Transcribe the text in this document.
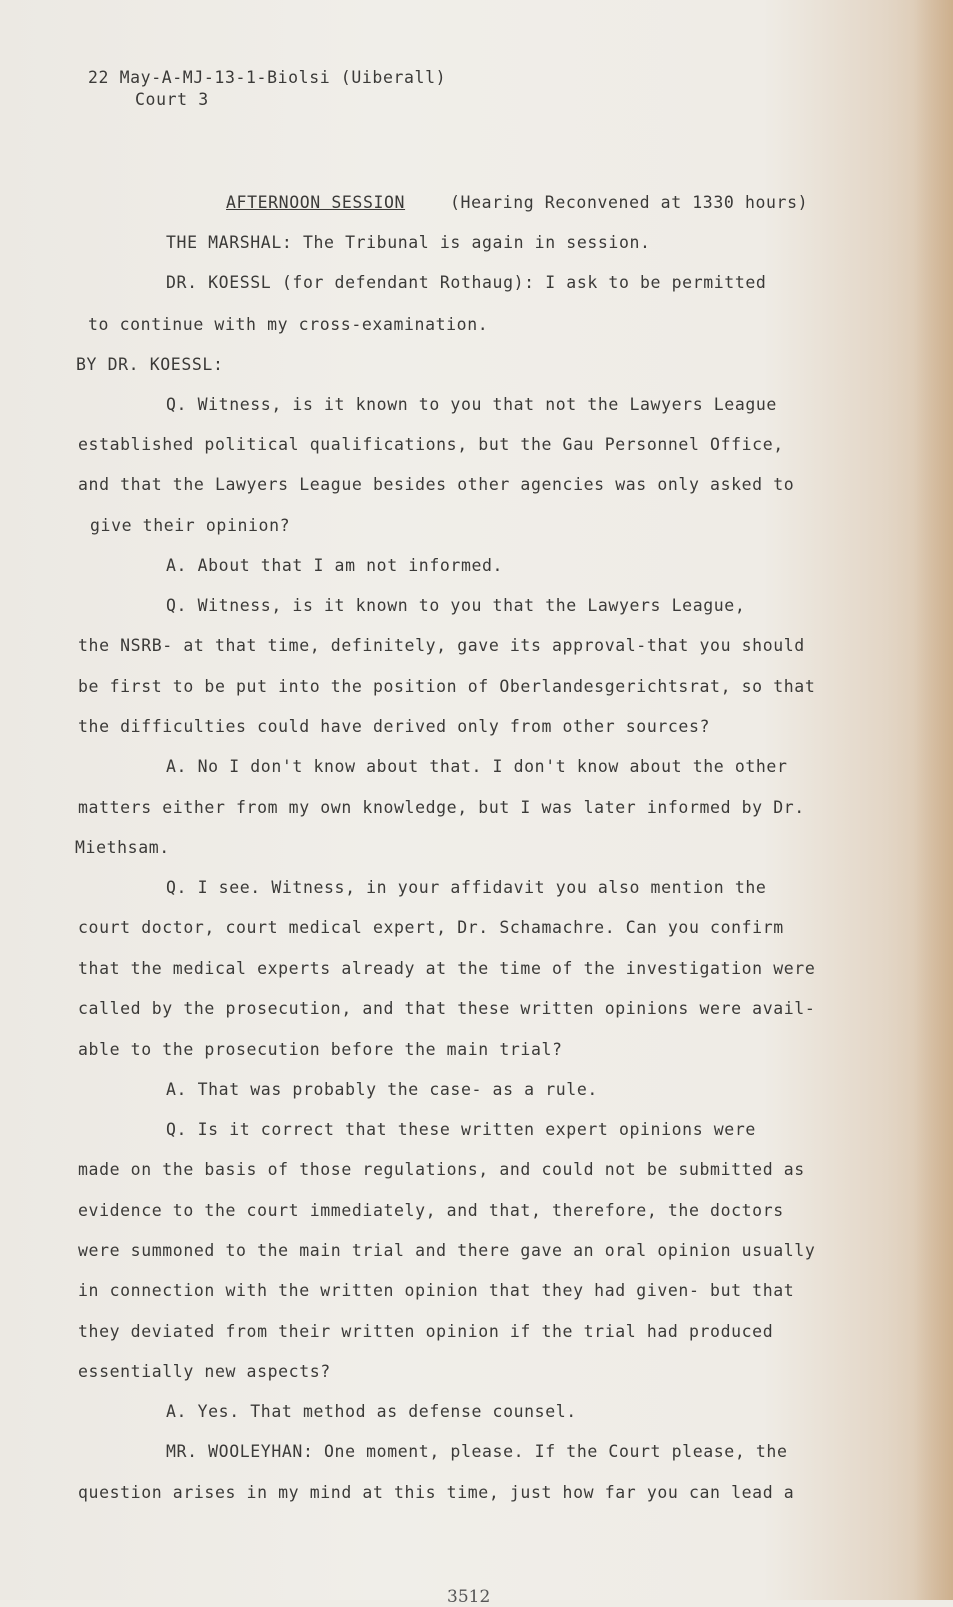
22 May-A-MJ-13-1-Biolsi (Uiberall)
Court 3
AFTERNOON SESSION	(Hearing Reconvened at 1330 hours)
THE MARSHAL: The Tribunal is again in session.
DR. KOESSL (for defendant Rothaug): I ask to be permitted
to continue with my cross-examination.
BY DR. KOESSL:
Q. Witness, is it known to you that not the Lawyers League
established political qualifications, but the Gau Personnel Office,
and that the Lawyers League besides other agencies was only asked to
give their opinion?
A. About that I am not informed.
Q. Witness, is it known to you that the Lawyers League,
the NSRB- at that time, definitely, gave its approval-that you should
be first to be put into the position of Oberlandesgerichtsrat, so that
the difficulties could have derived only from other sources?
A. No I don't know about that. I don't know about the other
matters either from my own knowledge, but I was later informed by Dr.
Miethsam.
Q. I see. Witness, in your affidavit you also mention the
court doctor, court medical expert, Dr. Schamachre. Can you confirm
that the medical experts already at the time of the investigation were
called by the prosecution, and that these written opinions were avail-
able to the prosecution before the main trial?
A. That was probably the case- as a rule.
Q. Is it correct that these written expert opinions were
made on the basis of those regulations, and could not be submitted as
evidence to the court immediately, and that, therefore, the doctors
were summoned to the main trial and there gave an oral opinion usually
in connection with the written opinion that they had given- but that
they deviated from their written opinion if the trial had produced
essentially new aspects?
A. Yes. That method as defense counsel.
MR. WOOLEYHAN: One moment, please. If the Court please, the
question arises in my mind at this time, just how far you can lead a
3512
